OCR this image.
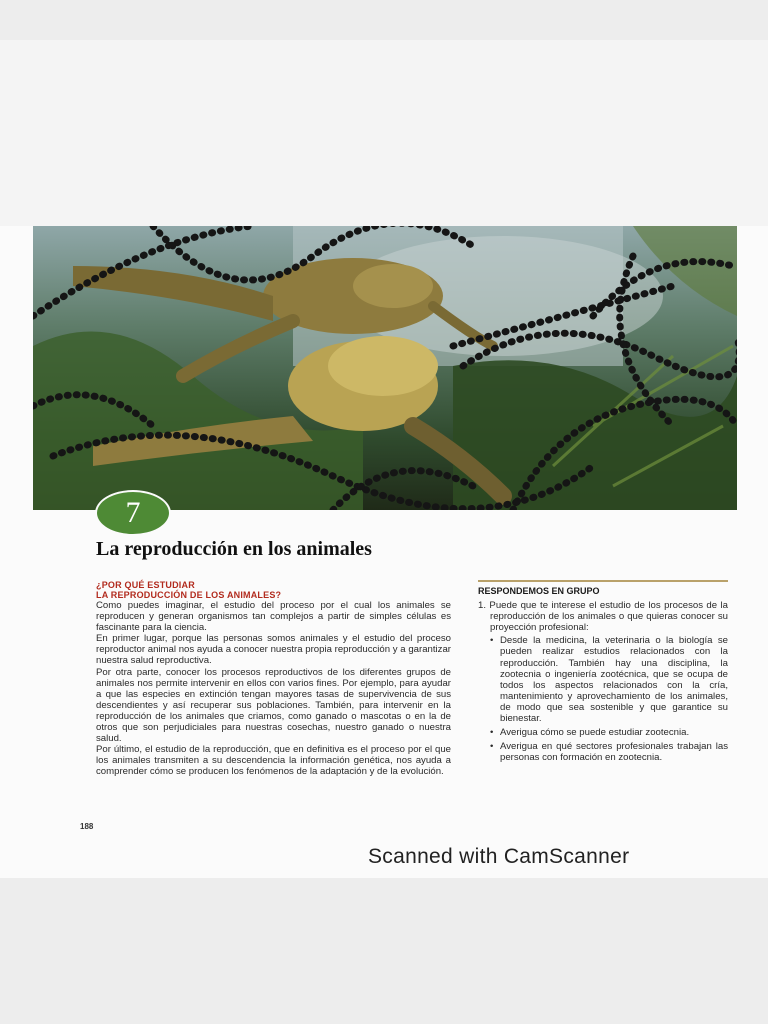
7
La reproducción en los animales
¿POR QUÉ ESTUDIAR
LA REPRODUCCIÓN DE LOS ANIMALES?

Como puedes imaginar, el estudio del proceso por el cual los animales se reproducen y generan organismos tan complejos a partir de simples células es fascinante para la ciencia.

En primer lugar, porque las personas somos animales y el estudio del proceso reproductor animal nos ayuda a conocer nuestra propia reproducción y a garantizar nuestra salud reproductiva.

Por otra parte, conocer los procesos reproductivos de los diferentes grupos de animales nos permite intervenir en ellos con varios fines. Por ejemplo, para ayudar a que las especies en extinción tengan mayores tasas de supervivencia de sus descendientes y así recuperar sus poblaciones. También, para intervenir en la reproducción de los animales que criamos, como ganado o mascotas o en la de otros que son perjudiciales para nuestras cosechas, nuestro ganado o nuestra salud.

Por último, el estudio de la reproducción, que en definitiva es el proceso por el que los animales transmiten a su descendencia la información genética, nos ayuda a comprender cómo se producen los fenómenos de la adaptación y de la evolución.

RESPONDEMOS EN GRUPO

1. Puede que te interese el estudio de los procesos de la reproducción de los animales o que quieras conocer su proyección profesional:

• Desde la medicina, la veterinaria o la biología se pueden realizar estudios relacionados con la reproducción. También hay una disciplina, la zootecnia o ingeniería zootécnica, que se ocupa de todos los aspectos relacionados con la cría, mantenimiento y aprovechamiento de los animales, de modo que sea sostenible y que garantice su bienestar.
• Averigua cómo se puede estudiar zootecnia.
• Averigua en qué sectores profesionales trabajan las personas con formación en zootecnia.
188
Scanned with CamScanner
